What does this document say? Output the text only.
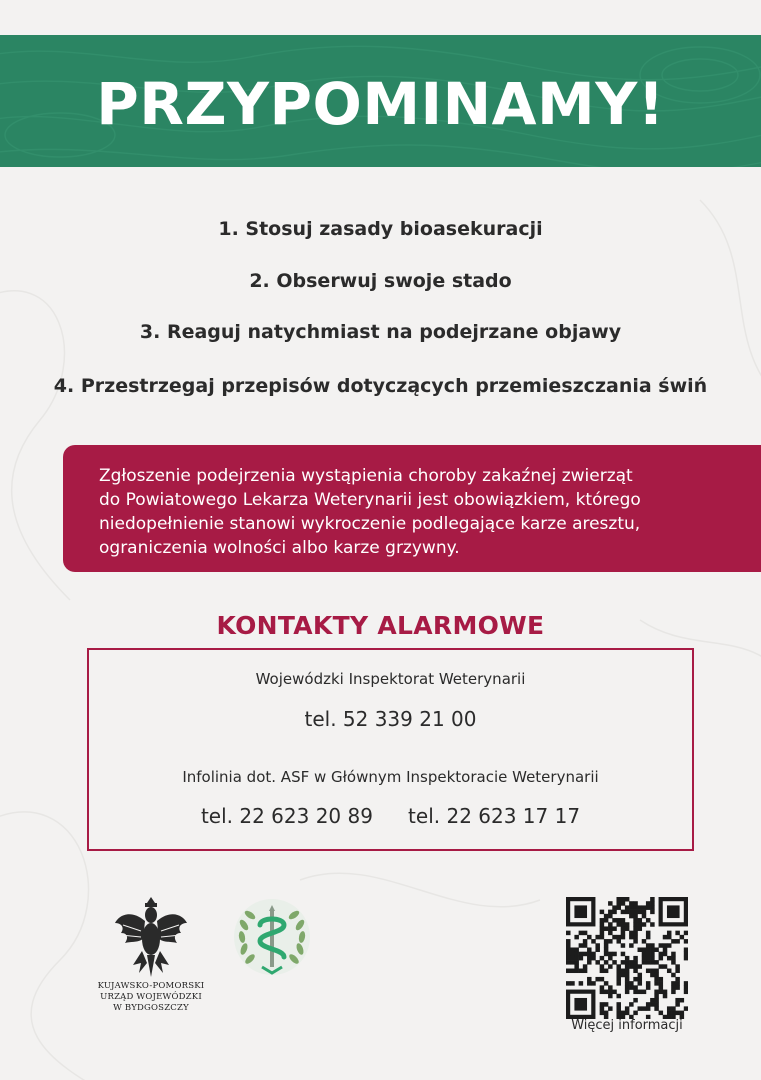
PRZYPOMINAMY!
1. Stosuj zasady bioasekuracji
2. Obserwuj swoje stado
3. Reaguj natychmiast na podejrzane objawy
4. Przestrzegaj przepisów dotyczących przemieszczania świń

Zgłoszenie podejrzenia wystąpienia choroby zakaźnej zwierząt

do Powiatowego Lekarza Weterynarii jest obowiązkiem, którego

niedopełnienie stanowi wykroczenie podlegające karze aresztu,

ograniczenia wolności albo karze grzywny.

KONTAKTY ALARMOWE
Wojewódzki Inspektorat Weterynarii
tel. 52 339 21 00
Infolinia dot. ASF w Głównym Inspektoracie Weterynarii
tel. 22 623 20 89 tel. 22 623 17 17
KUJAWSKO-POMORSKI
URZĄD WOJEWÓDZKI
W BYDGOSZCZY
Więcej informacji
